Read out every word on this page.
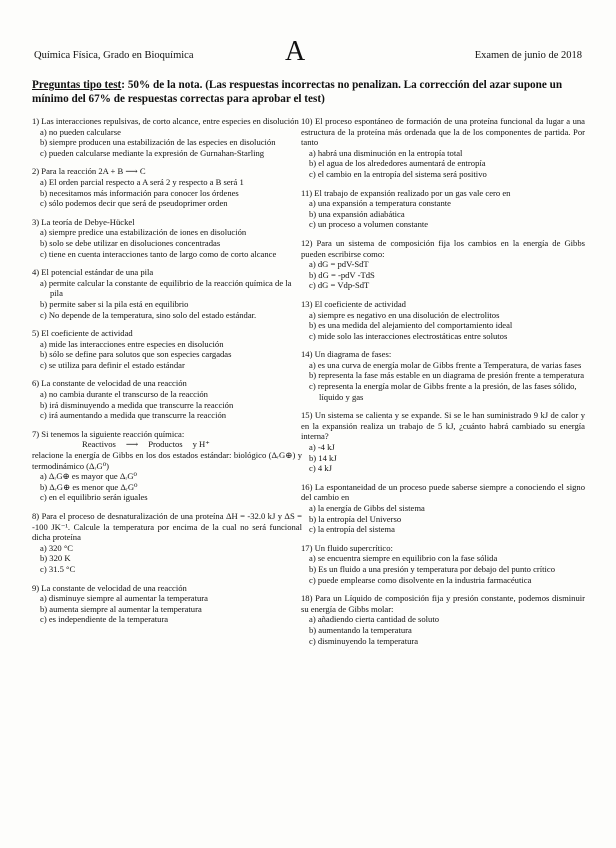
Química Física, Grado en Bioquímica	A	Examen de junio de 2018
Preguntas tipo test: 50% de la nota. (Las respuestas incorrectas no penalizan. La corrección del azar supone un mínimo del 67% de respuestas correctas para aprobar el test)
1) Las interacciones repulsivas, de corto alcance, entre especies en disolución
a) no pueden calcularse
b) siempre producen una estabilización de las especies en disolución
c) pueden calcularse mediante la expresión de Gurnahan-Starling
2) Para la reacción 2A + B ⟶ C
a) El orden parcial respecto a A será 2 y respecto a B será 1
b) necesitamos más información para conocer los órdenes
c) sólo podemos decir que será de pseudoprimer orden
3) La teoría de Debye-Hückel
a) siempre predice una estabilización de iones en disolución
b) solo se debe utilizar en disoluciones concentradas
c) tiene en cuenta interacciones tanto de largo como de corto alcance
4) El potencial estándar de una pila
a) permite calcular la constante de equilibrio de la reacción química de la pila
b) permite saber si la pila está en equilibrio
c) No depende de la temperatura, sino solo del estado estándar.
5) El coeficiente de actividad
a) mide las interacciones entre especies en disolución
b) sólo se define para solutos que son especies cargadas
c) se utiliza para definir el estado estándar
6) La constante de velocidad de una reacción
a) no cambia durante el transcurso de la reacción
b) irá disminuyendo a medida que transcurre la reacción
c) irá aumentando a medida que transcurre la reacción
7) Si tenemos la siguiente reacción química:
Reactivos ⟶ Productos y H⁺
relacione la energía de Gibbs en los dos estados estándar: biológico (ΔᵣG⊕) y termodinámico (ΔᵣG⁰)
a) ΔᵣG⊕ es mayor que ΔᵣG⁰
b) ΔᵣG⊕ es menor que ΔᵣG⁰
c) en el equilibrio serán iguales
8) Para el proceso de desnaturalización de una proteína ΔH = -32.0 kJ y ΔS = -100 JK⁻¹. Calcule la temperatura por encima de la cual no será funcional dicha proteína
a) 320 °C
b) 320 K
c) 31.5 °C
9) La constante de velocidad de una reacción
a) disminuye siempre al aumentar la temperatura
b) aumenta siempre al aumentar la temperatura
c) es independiente de la temperatura
10) El proceso espontáneo de formación de una proteína funcional da lugar a una estructura de la proteína más ordenada que la de los componentes de partida. Por tanto
a) habrá una disminución en la entropía total
b) el agua de los alrededores aumentará de entropía
c) el cambio en la entropía del sistema será positivo
11) El trabajo de expansión realizado por un gas vale cero en
a) una expansión a temperatura constante
b) una expansión adiabática
c) un proceso a volumen constante
12) Para un sistema de composición fija los cambios en la energía de Gibbs pueden escribirse como:
a) dG = pdV-SdT
b) dG = -pdV -TdS
c) dG = Vdp-SdT
13) El coeficiente de actividad
a) siempre es negativo en una disolución de electrolitos
b) es una medida del alejamiento del comportamiento ideal
c) mide solo las interacciones electrostáticas entre solutos
14) Un diagrama de fases:
a) es una curva de energía molar de Gibbs frente a Temperatura, de varias fases
b) representa la fase más estable en un diagrama de presión frente a temperatura
c) representa la energía molar de Gibbs frente a la presión, de las fases sólido, líquido y gas
15) Un sistema se calienta y se expande. Si se le han suministrado 9 kJ de calor y en la expansión realiza un trabajo de 5 kJ, ¿cuánto habrá cambiado su energía interna?
a) -4 kJ
b) 14 kJ
c) 4 kJ
16) La espontaneidad de un proceso puede saberse siempre a conociendo el signo del cambio en
a) la energía de Gibbs del sistema
b) la entropía del Universo
c) la entropía del sistema
17) Un fluido supercrítico:
a) se encuentra siempre en equilibrio con la fase sólida
b) Es un fluido a una presión y temperatura por debajo del punto crítico
c) puede emplearse como disolvente en la industria farmacéutica
18) Para un Líquido de composición fija y presión constante, podemos disminuir su energía de Gibbs molar:
a) añadiendo cierta cantidad de soluto
b) aumentando la temperatura
c) disminuyendo la temperatura
